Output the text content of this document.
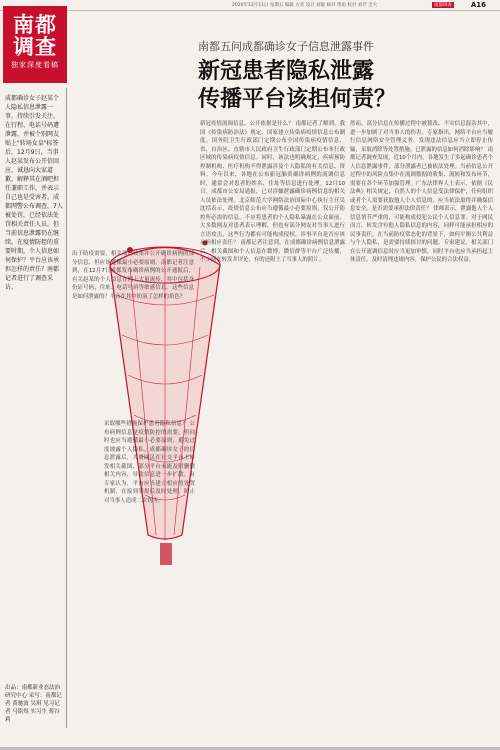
2020年12月11日 星期五 编辑 方亚 设计 刘敏 核对 黄焰 校对 刘芹 全大	南都调查	A16
南都
调查
独家深度看稿
成都确诊女子赵某个人隐私信息泄露一事，持续引发关注。在行程、电话号码遭泄露，并被个别网友贴上"转场女皇"标签后，12月9日，当事人赵某发布公开信回应，诚恳向大家道歉，解释其在酒吧担任兼职工作，并表示自己也是受害者。成都网警公布调查，7人被处罚，已经依法处罚相关责任人员。但当前信息泄露仍在继续。在疫情防控的重要时期，个人信息如何保护？平台应该承担怎样的责任？南都记者进行了调查采访。
出品：南都新业态法治研究中心 采写：南都记者 黄驰波 吴琪 见习记者 马铭煜 实习生 蒋谷莉
南都五问成都确诊女子信息泄露事件
新冠患者隐私泄露
传播平台该担何责？
出于防疫需要，相关部门收集并公开确诊病例的部分信息，但应该遵循最小必要原则。南都记者注意到，在12月7日成都发布确诊病例的公开通报后，有关赵某的个人信息在网上大量流传，其中包括身份证号码、住址、电话号码等敏感信息。这些信息是如何泄露的？平台在其中扮演了怎样的角色？
采取哪些措施保护患者隐私信息？ 公布病例信息是疫情防控的需要，但同时也应当遵循最小必要原则，避免过度披露个人隐私。成都确诊女子的信息泄露后，大量网民在社交平台上转发相关截图，部分平台未能及时删除相关内容，导致信息进一步扩散。有专家认为，平台应当建立相应的处置机制，在接到举报后及时处理，防止对当事人造成二次伤害。
新冠疫情流调信息，公开依据是什么？ 南都记者了解到，我国《传染病防治法》规定，国家建立传染病疫情信息公布制度。国务院卫生行政部门定期公布全国传染病疫情信息，省、自治区、直辖市人民政府卫生行政部门定期公布本行政区域的传染病疫情信息。同时，该法也明确规定，疾病预防控制机构、医疗机构不得泄露涉及个人隐私的有关信息、资料。今年以来，各地在公布新冠肺炎确诊病例的流调信息时，通常会对患者的姓名、住址等信息进行处理。12月10日，成都市公安局通报，已对涉嫌泄露确诊病例信息的相关人员依法处理。北京师范大学网络法治国际中心执行主任吴沈括表示，疫情信息公布应当遵循最小必要原则，仅公开防控所必需的信息，不应将患者的个人隐私暴露在公众面前。大多数网友对患者表示理解，但也有部分网友对当事人进行言语攻击，这些行为都有可能构成侵权。涉事平台是否应该承担相应责任？ 南都记者注意到，在成都确诊病例信息泄露后，相关截图和个人信息在微博、微信群等平台广泛传播，不少网友转发并评论，有的还附上了当事人的照片。
然而，部分信息在传播过程中被篡改，不实信息混杂其中，进一步加剧了对当事人的伤害。专家指出，网络平台应当履行信息网络安全管理义务，发现违法信息应当立即停止传输，采取消除等处置措施。已泄露的信息如何消除影响？ 南都记者调查发现，近10个月内，各地发生了多起确诊患者个人信息泄露事件，部分泄露者已被依法处理。当前信息公开过程中的风险点集中在流调数据的收集、流转和发布环节，需要在各个环节加强管理。广东法律界人士表示，依据《民法典》相关规定，自然人的个人信息受法律保护，任何组织或者个人需要获取他人个人信息的，应当依法取得并确保信息安全。是否需要承担法律责任？ 律师表示，泄露他人个人信息情节严重的，可能构成侵犯公民个人信息罪。对于网民而言，转发含有他人隐私信息的内容，同样可能承担相应的民事责任。在当前防疫常态化的背景下，如何平衡公共利益与个人隐私，是需要持续探讨的问题。专家建议，相关部门在公开流调信息时应当更加审慎，同时平台也应当承担起主体责任，及时清理违规内容，保护公民的合法权益。
